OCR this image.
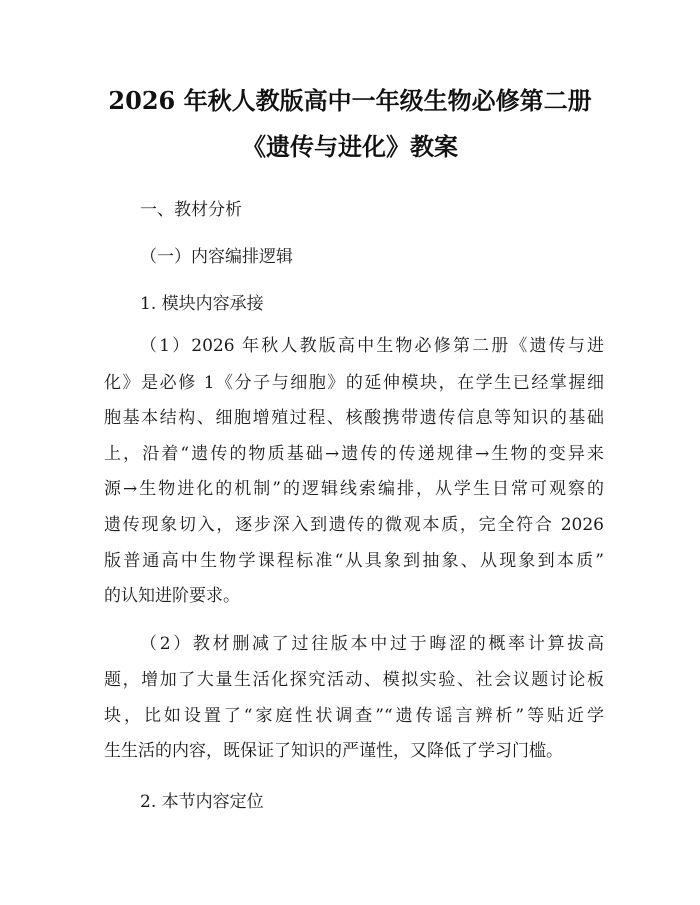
2026 年秋人教版高中一年级生物必修第二册
《遗传与进化》教案
一、教材分析
（一）内容编排逻辑
1. 模块内容承接
（1）2026 年秋人教版高中生物必修第二册《遗传与进
化》是必修 1《分子与细胞》的延伸模块，在学生已经掌握细
胞基本结构、细胞增殖过程、核酸携带遗传信息等知识的基础
上，沿着“遗传的物质基础→遗传的传递规律→生物的变异来
源→生物进化的机制”的逻辑线索编排，从学生日常可观察的
遗传现象切入，逐步深入到遗传的微观本质，完全符合 2026
版普通高中生物学课程标准“从具象到抽象、从现象到本质”
的认知进阶要求。
（2）教材删减了过往版本中过于晦涩的概率计算拔高
题，增加了大量生活化探究活动、模拟实验、社会议题讨论板
块，比如设置了“家庭性状调查”“遗传谣言辨析”等贴近学
生生活的内容，既保证了知识的严谨性，又降低了学习门槛。
2. 本节内容定位
